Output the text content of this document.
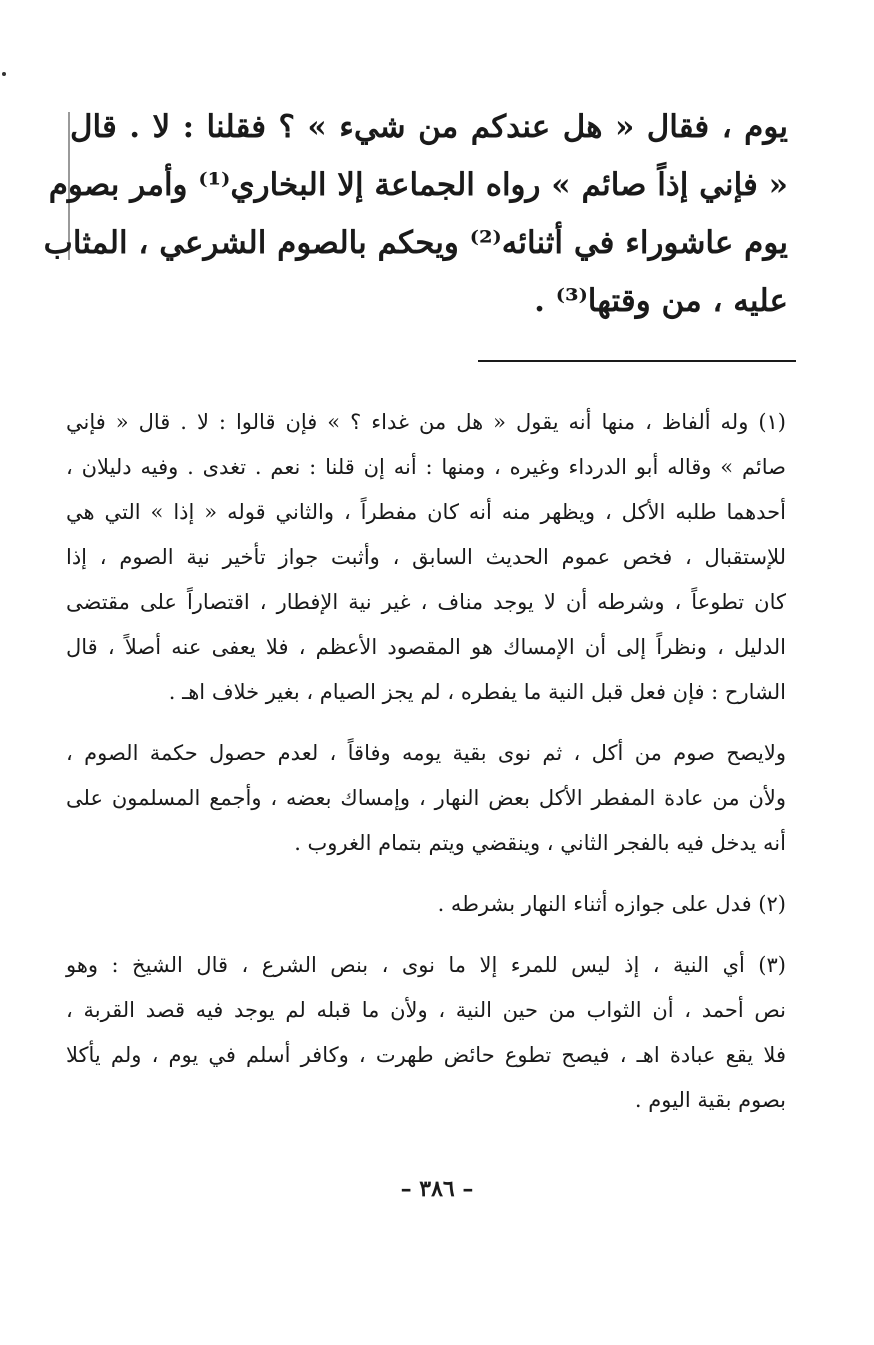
يوم ، فقال « هل عندكم من شيء » ؟ فقلنا : لا . قال
« فإني إذاً صائم » رواه الجماعة إلا البخاري⁽¹⁾ وأمر بصوم
يوم عاشوراء في أثنائه⁽²⁾ ويحكم بالصوم الشرعي ، المثاب
عليه ، من وقتها⁽³⁾ .
(١) وله ألفاظ ، منها أنه يقول « هل من غداء ؟ » فإن قالوا : لا . قال « فإني
صائم » وقاله أبو الدرداء وغيره ، ومنها : أنه إن قلنا : نعم . تغدى . وفيه دليلان ،
أحدهما طلبه الأكل ، ويظهر منه أنه كان مفطراً ، والثاني قوله « إذا » التي هي
للإستقبال ، فخص عموم الحديث السابق ، وأثبت جواز تأخير نية الصوم ، إذا
كان تطوعاً ، وشرطه أن لا يوجد مناف ، غير نية الإفطار ، اقتصاراً على مقتضى
الدليل ، ونظراً إلى أن الإمساك هو المقصود الأعظم ، فلا يعفى عنه أصلاً ، قال
الشارح : فإن فعل قبل النية ما يفطره ، لم يجز الصيام ، بغير خلاف اهـ .
ولايصح صوم من أكل ، ثم نوى بقية يومه وفاقاً ، لعدم حصول حكمة الصوم ،
ولأن من عادة المفطر الأكل بعض النهار ، وإمساك بعضه ، وأجمع المسلمون على
أنه يدخل فيه بالفجر الثاني ، وينقضي ويتم بتمام الغروب .
(٢) فدل على جوازه أثناء النهار بشرطه .
(٣) أي النية ، إذ ليس للمرء إلا ما نوى ، بنص الشرع ، قال الشيخ : وهو
نص أحمد ، أن الثواب من حين النية ، ولأن ما قبله لم يوجد فيه قصد القربة ،
فلا يقع عبادة اهـ ، فيصح تطوع حائض طهرت ، وكافر أسلم في يوم ، ولم يأكلا
بصوم بقية اليوم .
– ٣٨٦ –
